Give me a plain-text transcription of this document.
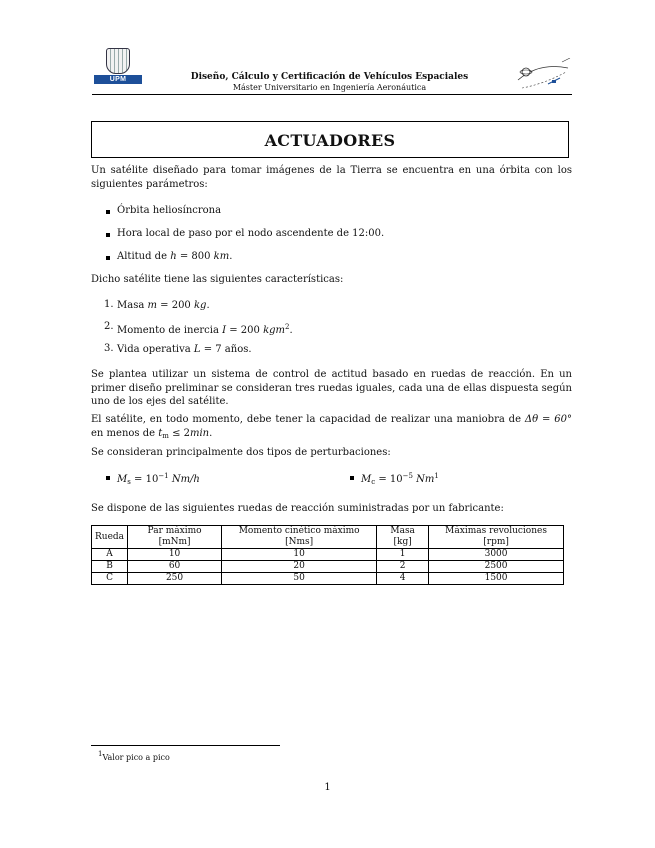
UPM	Diseño, Cálculo y Certificación de Vehículos Espaciales
Máster Universitario en Ingeniería Aeronáutica
ACTUADORES
Un satélite diseñado para tomar imágenes de la Tierra se encuentra en una órbita con los siguientes parámetros:
Órbita heliosíncrona
Hora local de paso por el nodo ascendente de 12:00.
Altitud de h = 800 km.
Dicho satélite tiene las siguientes características:
1. Masa m = 200 kg.
2. Momento de inercia I = 200 kgm$^2$.
3. Vida operativa L = 7 años.
Se plantea utilizar un sistema de control de actitud basado en ruedas de reacción. En un primer diseño preliminar se consideran tres ruedas iguales, cada una de ellas dispuesta según uno de los ejes del satélite.
El satélite, en todo momento, debe tener la capacidad de realizar una maniobra de Δθ = 60° en menos de $t_m \le 2\min$.
Se consideran principalmente dos tipos de perturbaciones:
$M_s = 10^{-1}$ Nm/h	$M_c = 10^{-5}$ Nm$^1$
Se dispone de las siguientes ruedas de reacción suministradas por un fabricante:
Rueda	Par máximo [mNm]	Momento cinético máximo [Nms]	Masa [kg]	Máximas revoluciones [rpm]
A	10	10	1	3000
B	60	20	2	2500
C	250	50	4	1500
1Valor pico a pico
1
